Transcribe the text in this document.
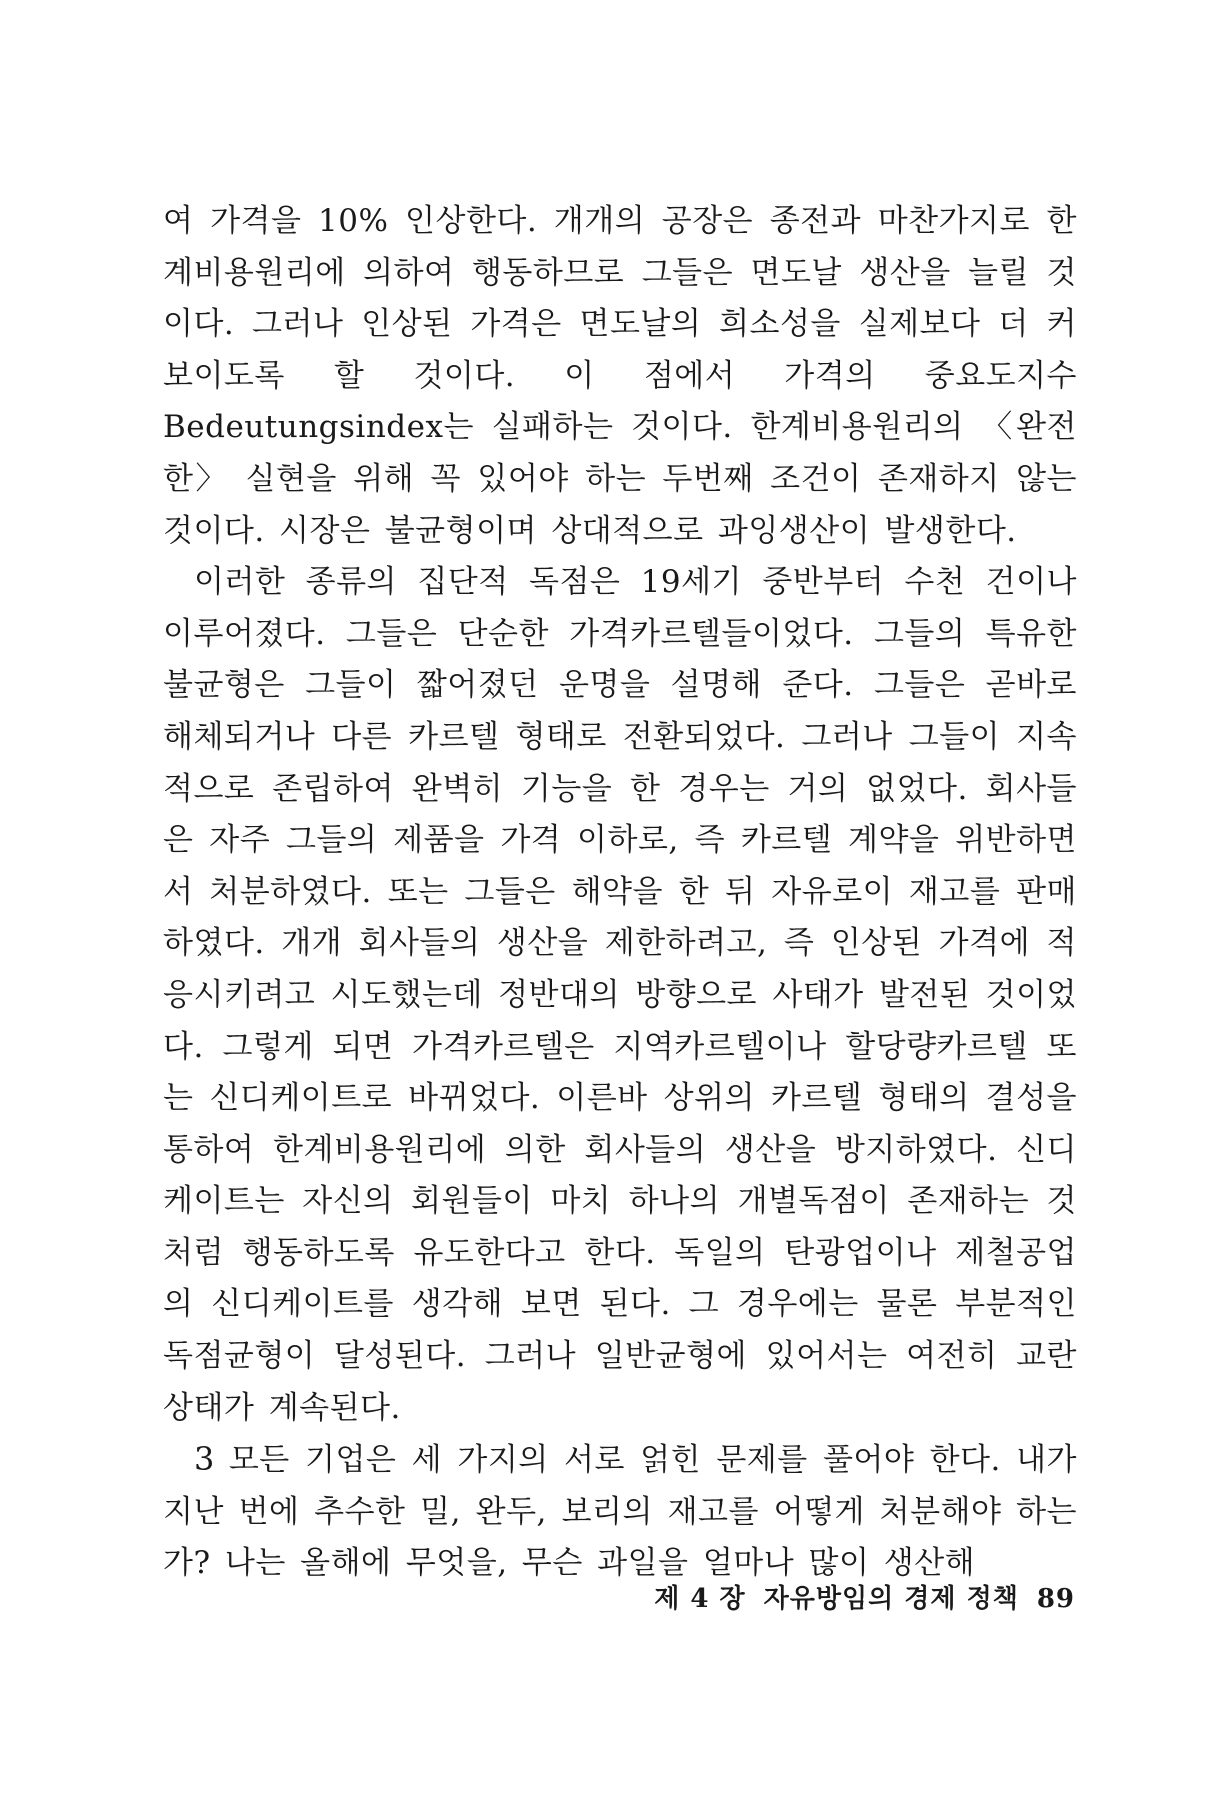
여 가격을 10% 인상한다. 개개의 공장은 종전과 마찬가지로 한계비용원리에 의하여 행동하므로 그들은 면도날 생산을 늘릴 것이다. 그러나 인상된 가격은 면도날의 희소성을 실제보다 더 커보이도록 할 것이다. 이 점에서 가격의 중요도지수 Bedeutungsindex는 실패하는 것이다. 한계비용원리의 〈완전한〉 실현을 위해 꼭 있어야 하는 두번째 조건이 존재하지 않는 것이다. 시장은 불균형이며 상대적으로 과잉생산이 발생한다.

이러한 종류의 집단적 독점은 19세기 중반부터 수천 건이나 이루어졌다. 그들은 단순한 가격카르텔들이었다. 그들의 특유한 불균형은 그들이 짧어졌던 운명을 설명해 준다. 그들은 곧바로 해체되거나 다른 카르텔 형태로 전환되었다. 그러나 그들이 지속적으로 존립하여 완벽히 기능을 한 경우는 거의 없었다. 회사들은 자주 그들의 제품을 가격 이하로, 즉 카르텔 계약을 위반하면서 처분하였다. 또는 그들은 해약을 한 뒤 자유로이 재고를 판매하였다. 개개 회사들의 생산을 제한하려고, 즉 인상된 가격에 적응시키려고 시도했는데 정반대의 방향으로 사태가 발전된 것이었다. 그렇게 되면 가격카르텔은 지역카르텔이나 할당량카르텔 또는 신디케이트로 바뀌었다. 이른바 상위의 카르텔 형태의 결성을 통하여 한계비용원리에 의한 회사들의 생산을 방지하였다. 신디케이트는 자신의 회원들이 마치 하나의 개별독점이 존재하는 것처럼 행동하도록 유도한다고 한다. 독일의 탄광업이나 제철공업의 신디케이트를 생각해 보면 된다. 그 경우에는 물론 부분적인 독점균형이 달성된다. 그러나 일반균형에 있어서는 여전히 교란상태가 계속된다.

3 모든 기업은 세 가지의 서로 얽힌 문제를 풀어야 한다. 내가 지난 번에 추수한 밀, 완두, 보리의 재고를 어떻게 처분해야 하는가? 나는 올해에 무엇을, 무슨 과일을 얼마나 많이 생산해

제 4 장 자유방임의 경제 정책 89
